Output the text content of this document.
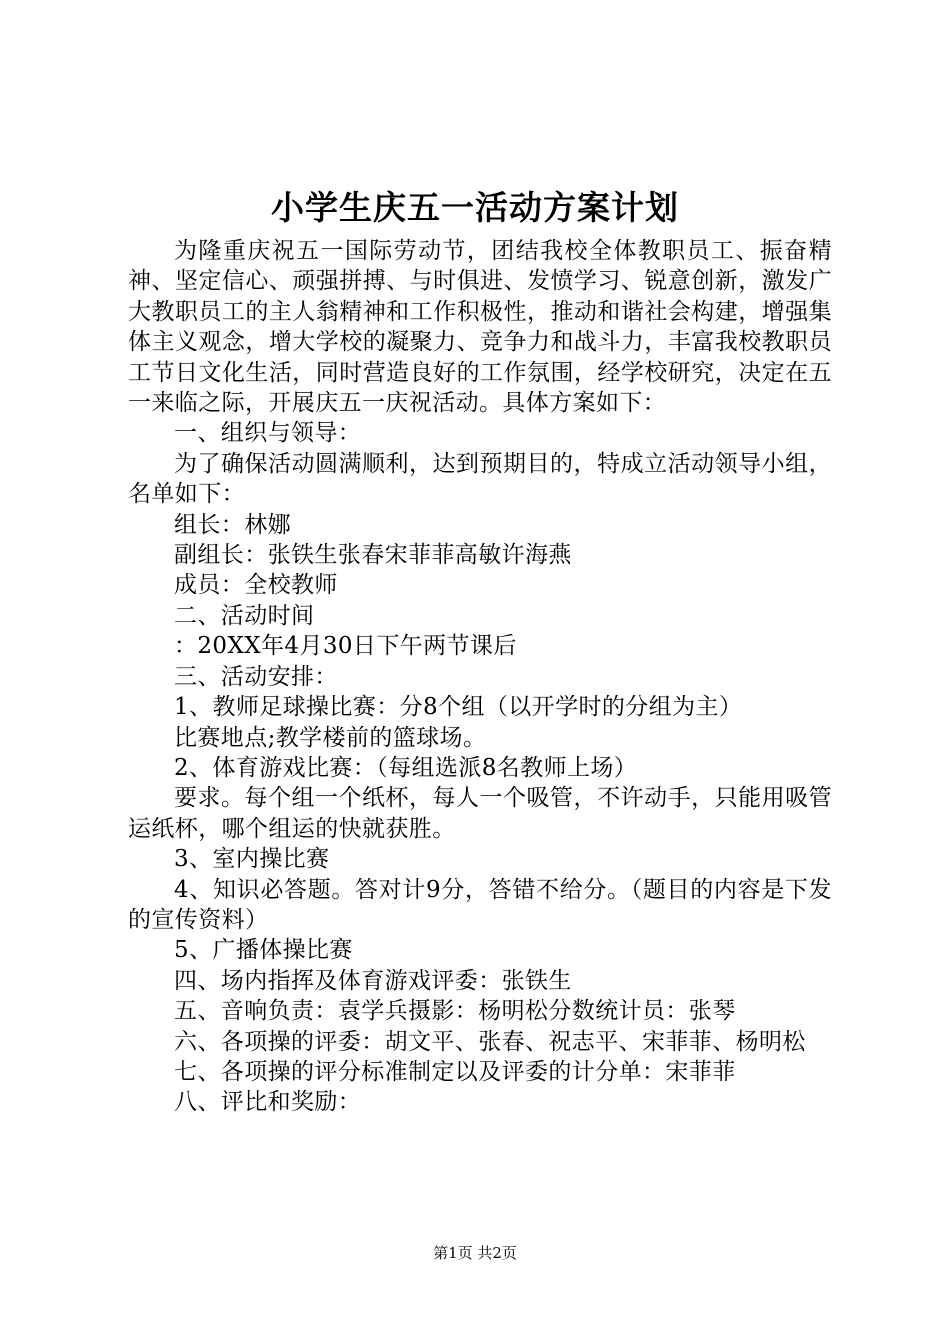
小学生庆五一活动方案计划

为隆重庆祝五一国际劳动节，团结我校全体教职员工、振奋精神、坚定信心、顽强拼搏、与时俱进、发愤学习、锐意创新，激发广大教职员工的主人翁精神和工作积极性，推动和谐社会构建，增强集体主义观念，增大学校的凝聚力、竞争力和战斗力，丰富我校教职员工节日文化生活，同时营造良好的工作氛围，经学校研究，决定在五一来临之际，开展庆五一庆祝活动。具体方案如下：

一、组织与领导：

为了确保活动圆满顺利，达到预期目的，特成立活动领导小组，名单如下：

组长：林娜

副组长：张铁生张春宋菲菲高敏许海燕

成员：全校教师

二、活动时间

：20XX年4月30日下午两节课后

三、活动安排：

1、教师足球操比赛：分8个组（以开学时的分组为主）

比赛地点;教学楼前的篮球场。

2、体育游戏比赛：（每组选派8名教师上场）

要求。每个组一个纸杯，每人一个吸管，不许动手，只能用吸管运纸杯，哪个组运的快就获胜。

3、室内操比赛

4、知识必答题。答对计9分，答错不给分。（题目的内容是下发的宣传资料）

5、广播体操比赛

四、场内指挥及体育游戏评委：张铁生

五、音响负责：袁学兵摄影：杨明松分数统计员：张琴

六、各项操的评委：胡文平、张春、祝志平、宋菲菲、杨明松

七、各项操的评分标准制定以及评委的计分单：宋菲菲

八、评比和奖励：

第1页 共2页
